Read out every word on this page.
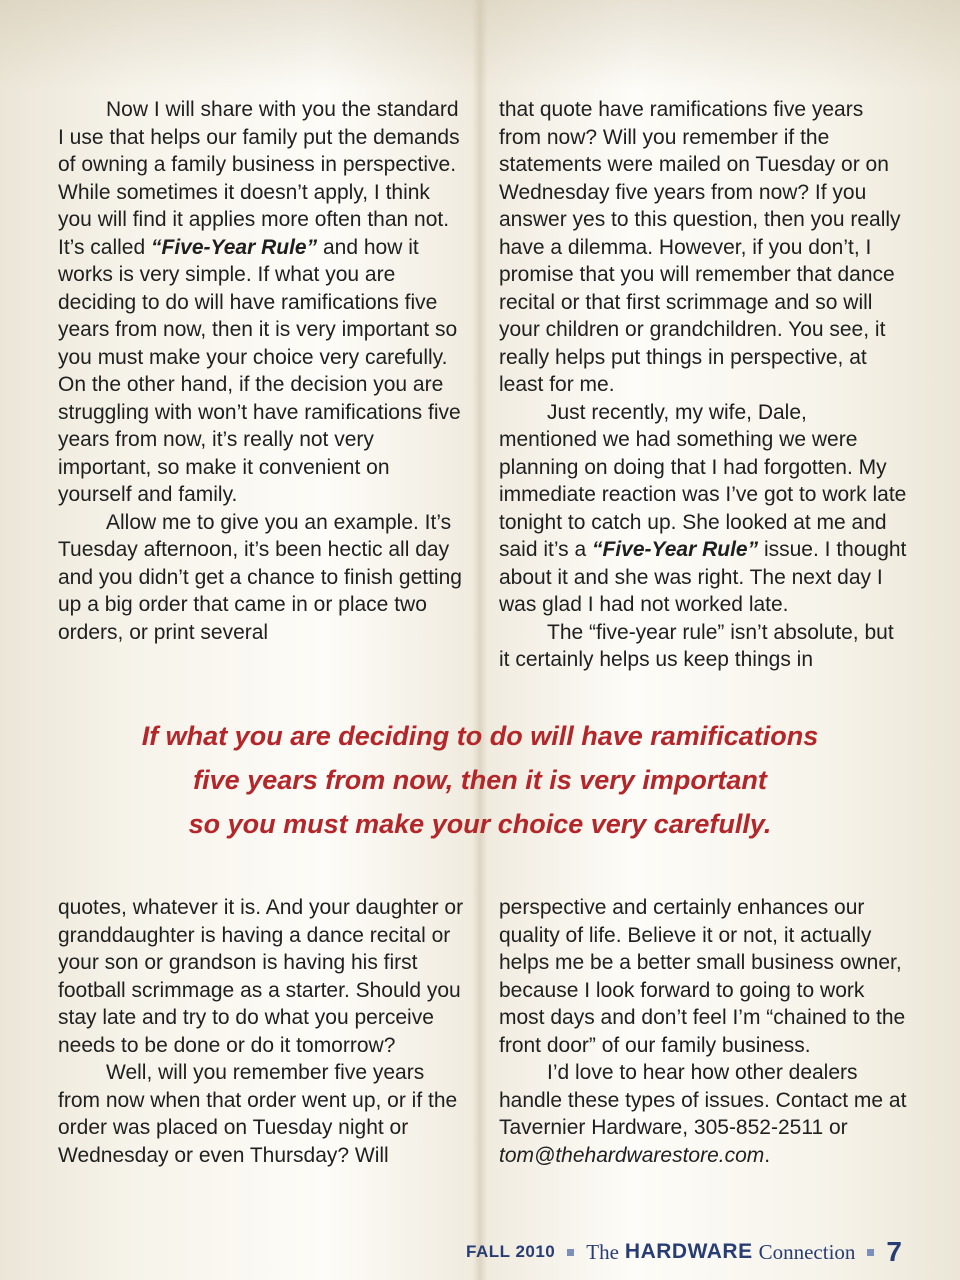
Now I will share with you the standard I use that helps our family put the demands of owning a family business in perspective. While sometimes it doesn’t apply, I think you will find it applies more often than not. It’s called “Five-Year Rule” and how it works is very simple. If what you are deciding to do will have ramifications five years from now, then it is very important so you must make your choice very carefully. On the other hand, if the decision you are struggling with won’t have ramifications five years from now, it’s really not very important, so make it convenient on yourself and family.

Allow me to give you an example. It’s Tuesday afternoon, it’s been hectic all day and you didn’t get a chance to finish getting up a big order that came in or place two orders, or print several

that quote have ramifications five years from now? Will you remember if the statements were mailed on Tuesday or on Wednesday five years from now? If you answer yes to this question, then you really have a dilemma. However, if you don’t, I promise that you will remember that dance recital or that first scrimmage and so will your children or grandchildren. You see, it really helps put things in perspective, at least for me.

Just recently, my wife, Dale, mentioned we had something we were planning on doing that I had forgotten. My immediate reaction was I’ve got to work late tonight to catch up. She looked at me and said it’s a “Five-Year Rule” issue. I thought about it and she was right. The next day I was glad I had not worked late.

The “five-year rule” isn’t absolute, but it certainly helps us keep things in

If what you are deciding to do will have ramifications
five years from now, then it is very important
so you must make your choice very carefully.

quotes, whatever it is. And your daughter or granddaughter is having a dance recital or your son or grandson is having his first football scrimmage as a starter. Should you stay late and try to do what you perceive needs to be done or do it tomorrow?

Well, will you remember five years from now when that order went up, or if the order was placed on Tuesday night or Wednesday or even Thursday? Will

perspective and certainly enhances our quality of life. Believe it or not, it actually helps me be a better small business owner, because I look forward to going to work most days and don’t feel I’m “chained to the front door” of our family business.

I’d love to hear how other dealers handle these types of issues. Contact me at Tavernier Hardware, 305-852-2511 or tom@thehardwarestore.com.

FALL 2010 The HARDWARE Connection 7
